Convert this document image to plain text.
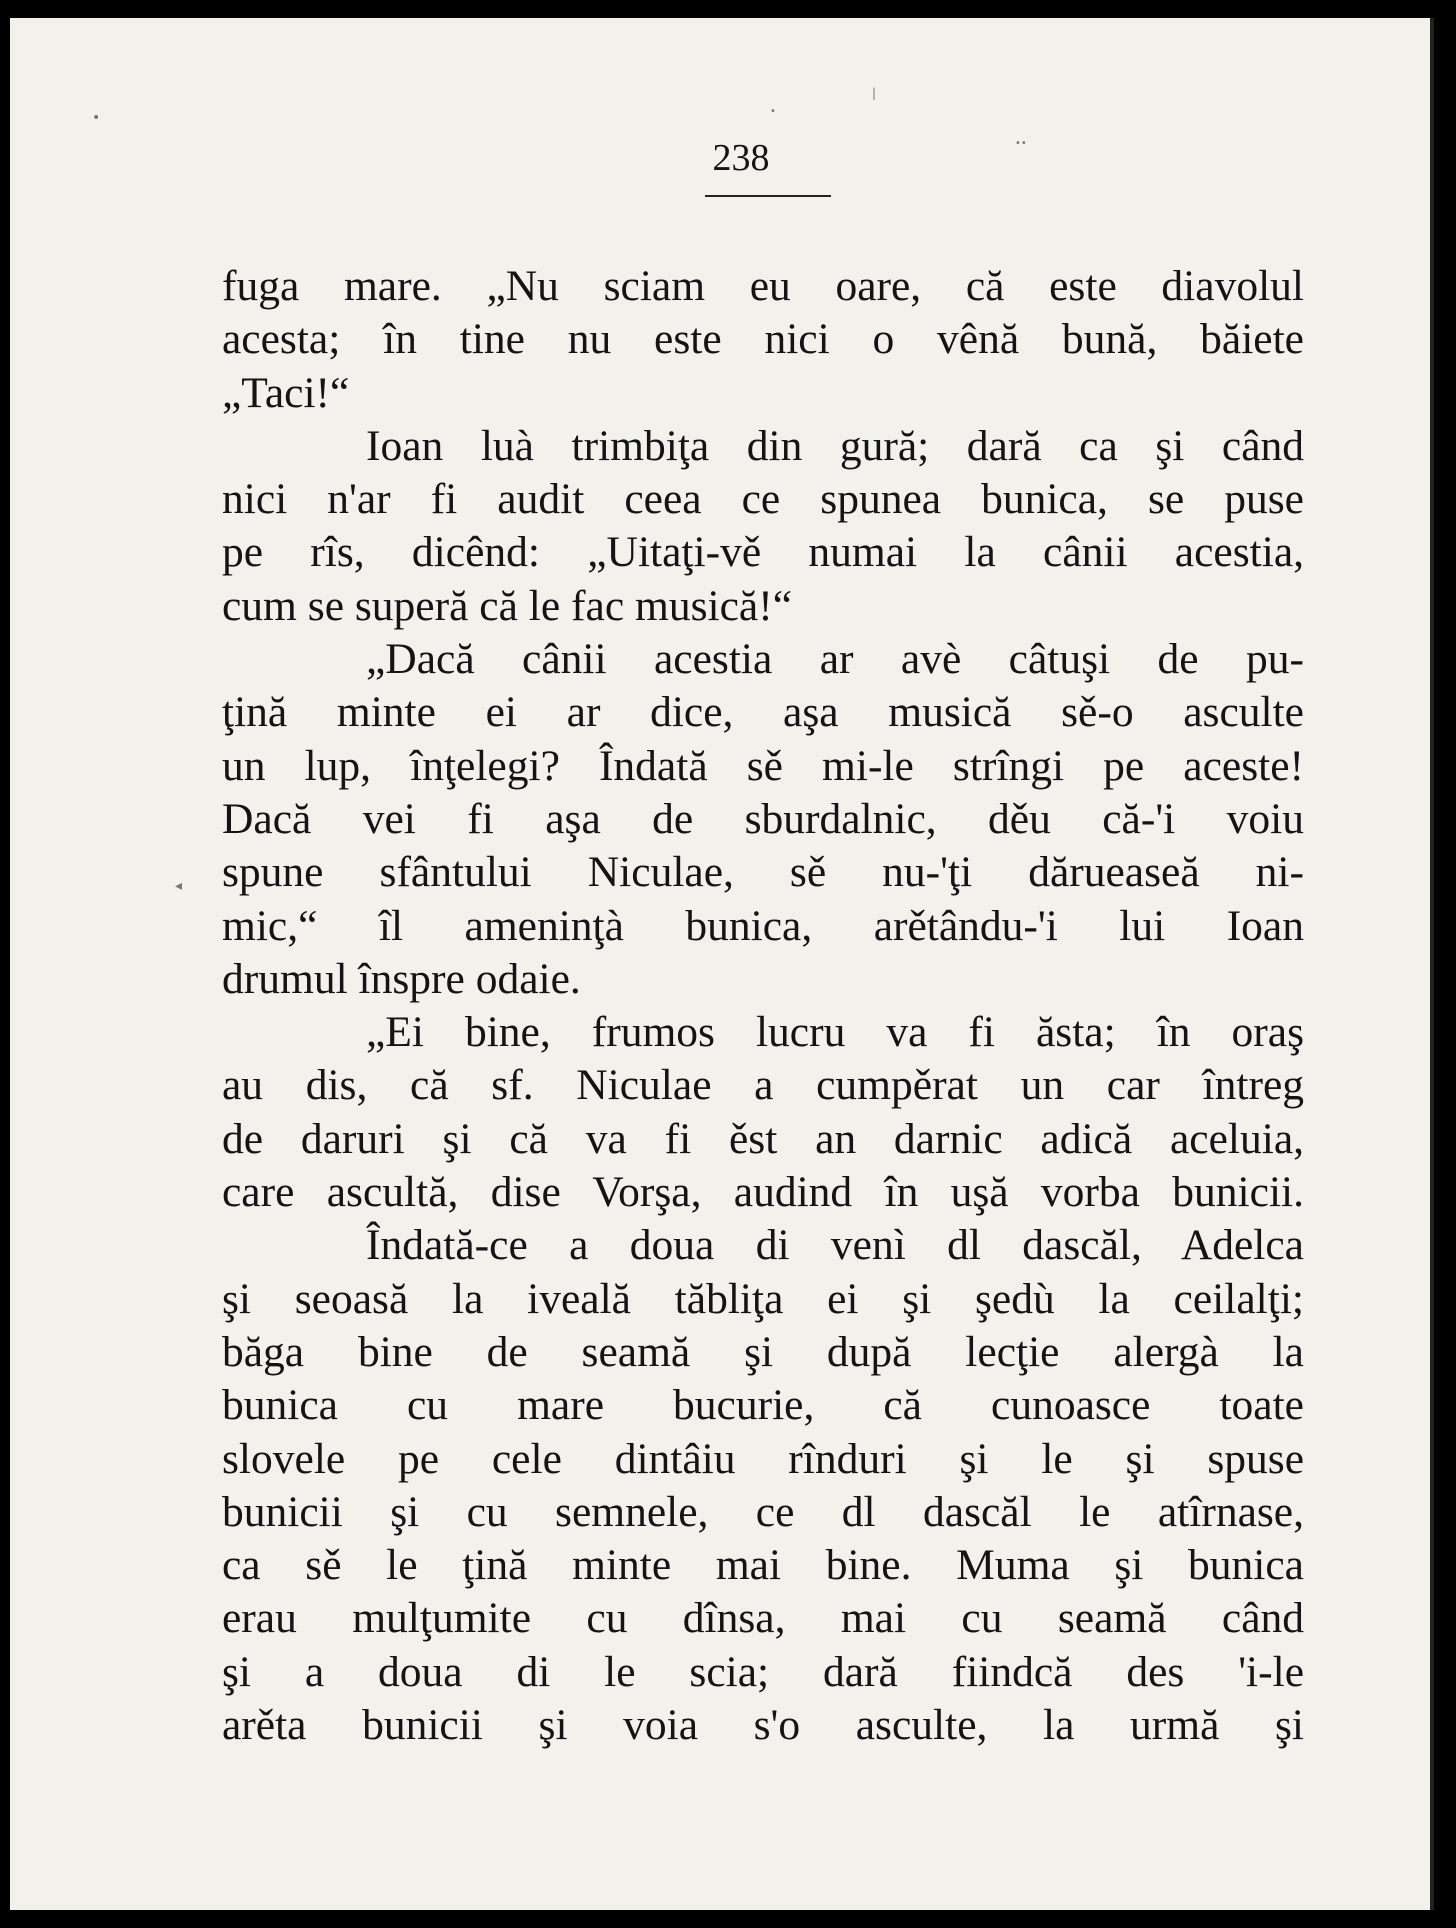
238
fuga mare. „Nu sciam eu oare, că este diavolul
acesta; în tine nu este nici o vênă bună, băiete
„Taci!“
Ioan luà trimbiţa din gură; dară ca şi când
nici n'ar fi audit ceea ce spunea bunica, se puse
pe rîs, dicênd: „Uitaţi-vě numai la cânii acestia,
cum se superă că le fac musică!“
„Dacă cânii acestia ar avè câtuşi de pu-
ţină minte ei ar dice, aşa musică sě-o asculte
un lup, înţelegi? Îndată sě mi-le strîngi pe aceste!
Dacă vei fi aşa de sburdalnic, děu că-'i voiu
spune sfântului Niculae, sě nu-'ţi dărueaseă ni-
mic,“ îl ameninţà bunica, arětându-'i lui Ioan
drumul înspre odaie.
„Ei bine, frumos lucru va fi ăsta; în oraş
au dis, că sf. Niculae a cumpěrat un car întreg
de daruri şi că va fi ěst an darnic adică aceluia,
care ascultă, dise Vorşa, audind în uşă vorba bunicii.
Îndată-ce a doua di venì dl dascăl, Adelca
şi seoasă la iveală tăbliţa ei şi şedù la ceilalţi;
băga bine de seamă şi după lecţie alergà la
bunica cu mare bucurie, că cunoasce toate
slovele pe cele dintâiu rînduri şi le şi spuse
bunicii şi cu semnele, ce dl dascăl le atîrnase,
ca sě le ţină minte mai bine. Muma şi bunica
erau mulţumite cu dînsa, mai cu seamă când
şi a doua di le scia; dară fiindcă des 'i-le
arěta bunicii şi voia s'o asculte, la urmă şi
•
|
•
••
◂
